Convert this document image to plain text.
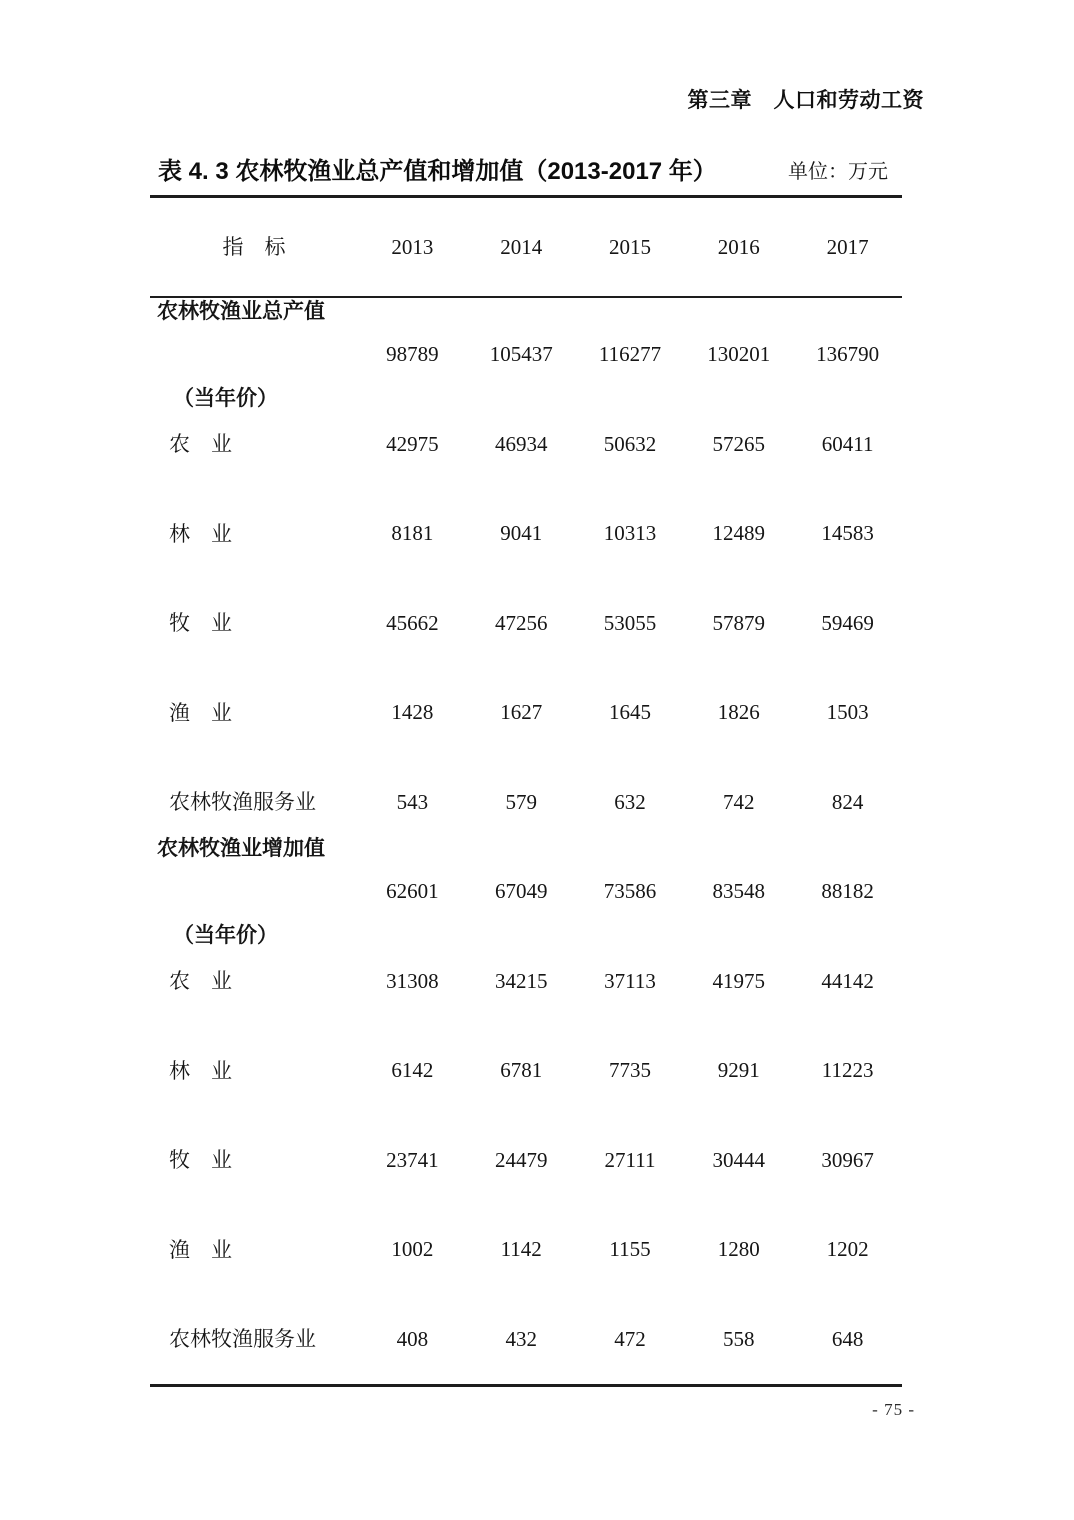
第三章　人口和劳动工资
表 4. 3 农林牧渔业总产值和增加值（2013-2017 年）	单位：万元
指　标	2013	2014	2015	2016	2017

农林牧渔业总产值

（当年价）

98789	105437	116277	130201	136790
农　业	42975	46934	50632	57265	60411
林　业	8181	9041	10313	12489	14583
牧　业	45662	47256	53055	57879	59469
渔　业	1428	1627	1645	1826	1503
农林牧渔服务业	543	579	632	742	824

农林牧渔业增加值

（当年价）

62601	67049	73586	83548	88182
农　业	31308	34215	37113	41975	44142
林　业	6142	6781	7735	9291	11223
牧　业	23741	24479	27111	30444	30967
渔　业	1002	1142	1155	1280	1202
农林牧渔服务业	408	432	472	558	648
- 75 -
